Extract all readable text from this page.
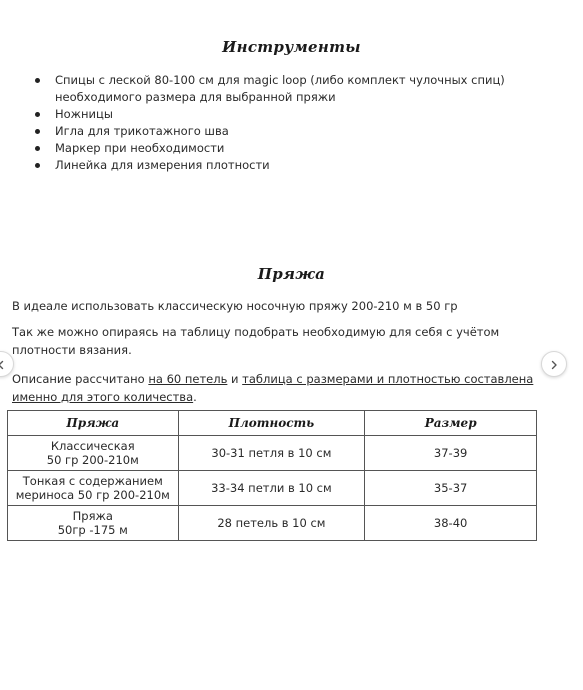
Инструменты
Спицы с леской 80-100 см для magic loop (либо комплект чулочных спиц) необходимого размера для выбранной пряжи
Ножницы
Игла для трикотажного шва
Маркер при необходимости
Линейка для измерения плотности
Пряжа

В идеале использовать классическую носочную пряжу 200-210 м в 50 гр

Так же можно опираясь на таблицу подобрать необходимую для себя с учётом плотности вязания.

Описание рассчитано на 60 петель и таблица с размерами и плотностью составлена именно для этого количества.

Пряжа	Плотность	Размер
Классическая
50 гр 200-210м	30-31 петля в 10 см	37-39
Тонкая с содержанием
мериноса 50 гр 200-210м	33-34 петли в 10 см	35-37
Пряжа
50гр -175 м	28 петель в 10 см	38-40
